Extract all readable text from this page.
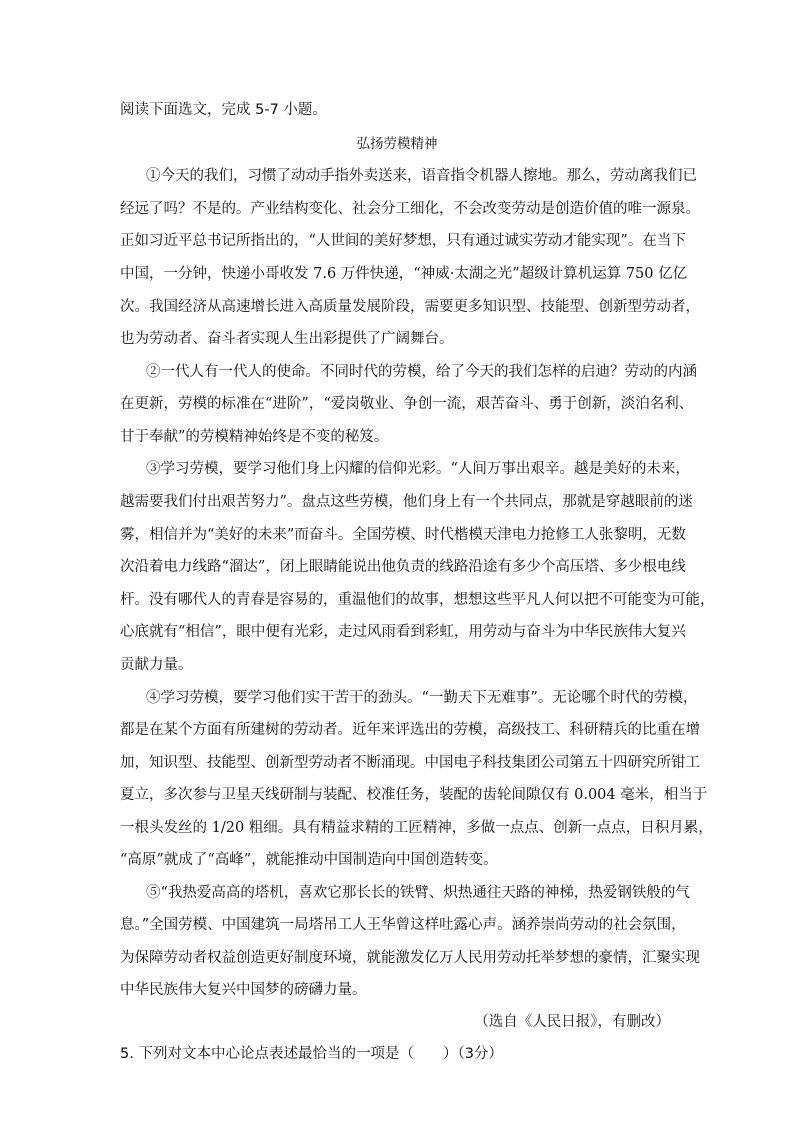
阅读下面选文，完成 5-7 小题。
弘扬劳模精神
①今天的我们，习惯了动动手指外卖送来，语音指令机器人擦地。那么，劳动离我们已
经远了吗？不是的。产业结构变化、社会分工细化，不会改变劳动是创造价值的唯一源泉。
正如习近平总书记所指出的，“人世间的美好梦想，只有通过诚实劳动才能实现”。在当下
中国，一分钟，快递小哥收发 7.6 万件快递，“神威·太湖之光”超级计算机运算 750 亿亿
次。我国经济从高速增长进入高质量发展阶段，需要更多知识型、技能型、创新型劳动者，
也为劳动者、奋斗者实现人生出彩提供了广阔舞台。
②一代人有一代人的使命。不同时代的劳模，给了今天的我们怎样的启迪？劳动的内涵
在更新，劳模的标准在“进阶”，“爱岗敬业、争创一流，艰苦奋斗、勇于创新，淡泊名利、
甘于奉献”的劳模精神始终是不变的秘笈。
③学习劳模，要学习他们身上闪耀的信仰光彩。“人间万事出艰辛。越是美好的未来，
越需要我们付出艰苦努力”。盘点这些劳模，他们身上有一个共同点，那就是穿越眼前的迷
雾，相信并为“美好的未来”而奋斗。全国劳模、时代楷模天津电力抢修工人张黎明，无数
次沿着电力线路“溜达”，闭上眼睛能说出他负责的线路沿途有多少个高压塔、多少根电线
杆。没有哪代人的青春是容易的，重温他们的故事，想想这些平凡人何以把不可能变为可能，
心底就有“相信”，眼中便有光彩，走过风雨看到彩虹，用劳动与奋斗为中华民族伟大复兴
贡献力量。
④学习劳模，要学习他们实干苦干的劲头。“一勤天下无难事”。无论哪个时代的劳模，
都是在某个方面有所建树的劳动者。近年来评选出的劳模，高级技工、科研精兵的比重在增
加，知识型、技能型、创新型劳动者不断涌现。中国电子科技集团公司第五十四研究所钳工
夏立，多次参与卫星天线研制与装配、校准任务，装配的齿轮间隙仅有 0.004 毫米，相当于
一根头发丝的 1/20 粗细。具有精益求精的工匠精神，多做一点点、创新一点点，日积月累，
“高原”就成了“高峰”，就能推动中国制造向中国创造转变。
⑤“我热爱高高的塔机，喜欢它那长长的铁臂、炽热通往天路的神梯，热爱钢铁般的气
息。”全国劳模、中国建筑一局塔吊工人王华曾这样吐露心声。涵养崇尚劳动的社会氛围，
为保障劳动者权益创造更好制度环境，就能激发亿万人民用劳动托举梦想的豪情，汇聚实现
中华民族伟大复兴中国梦的磅礴力量。
（选自《人民日报》，有删改）
5. 下列对文本中心论点表述最恰当的一项是（　　）（3分）
